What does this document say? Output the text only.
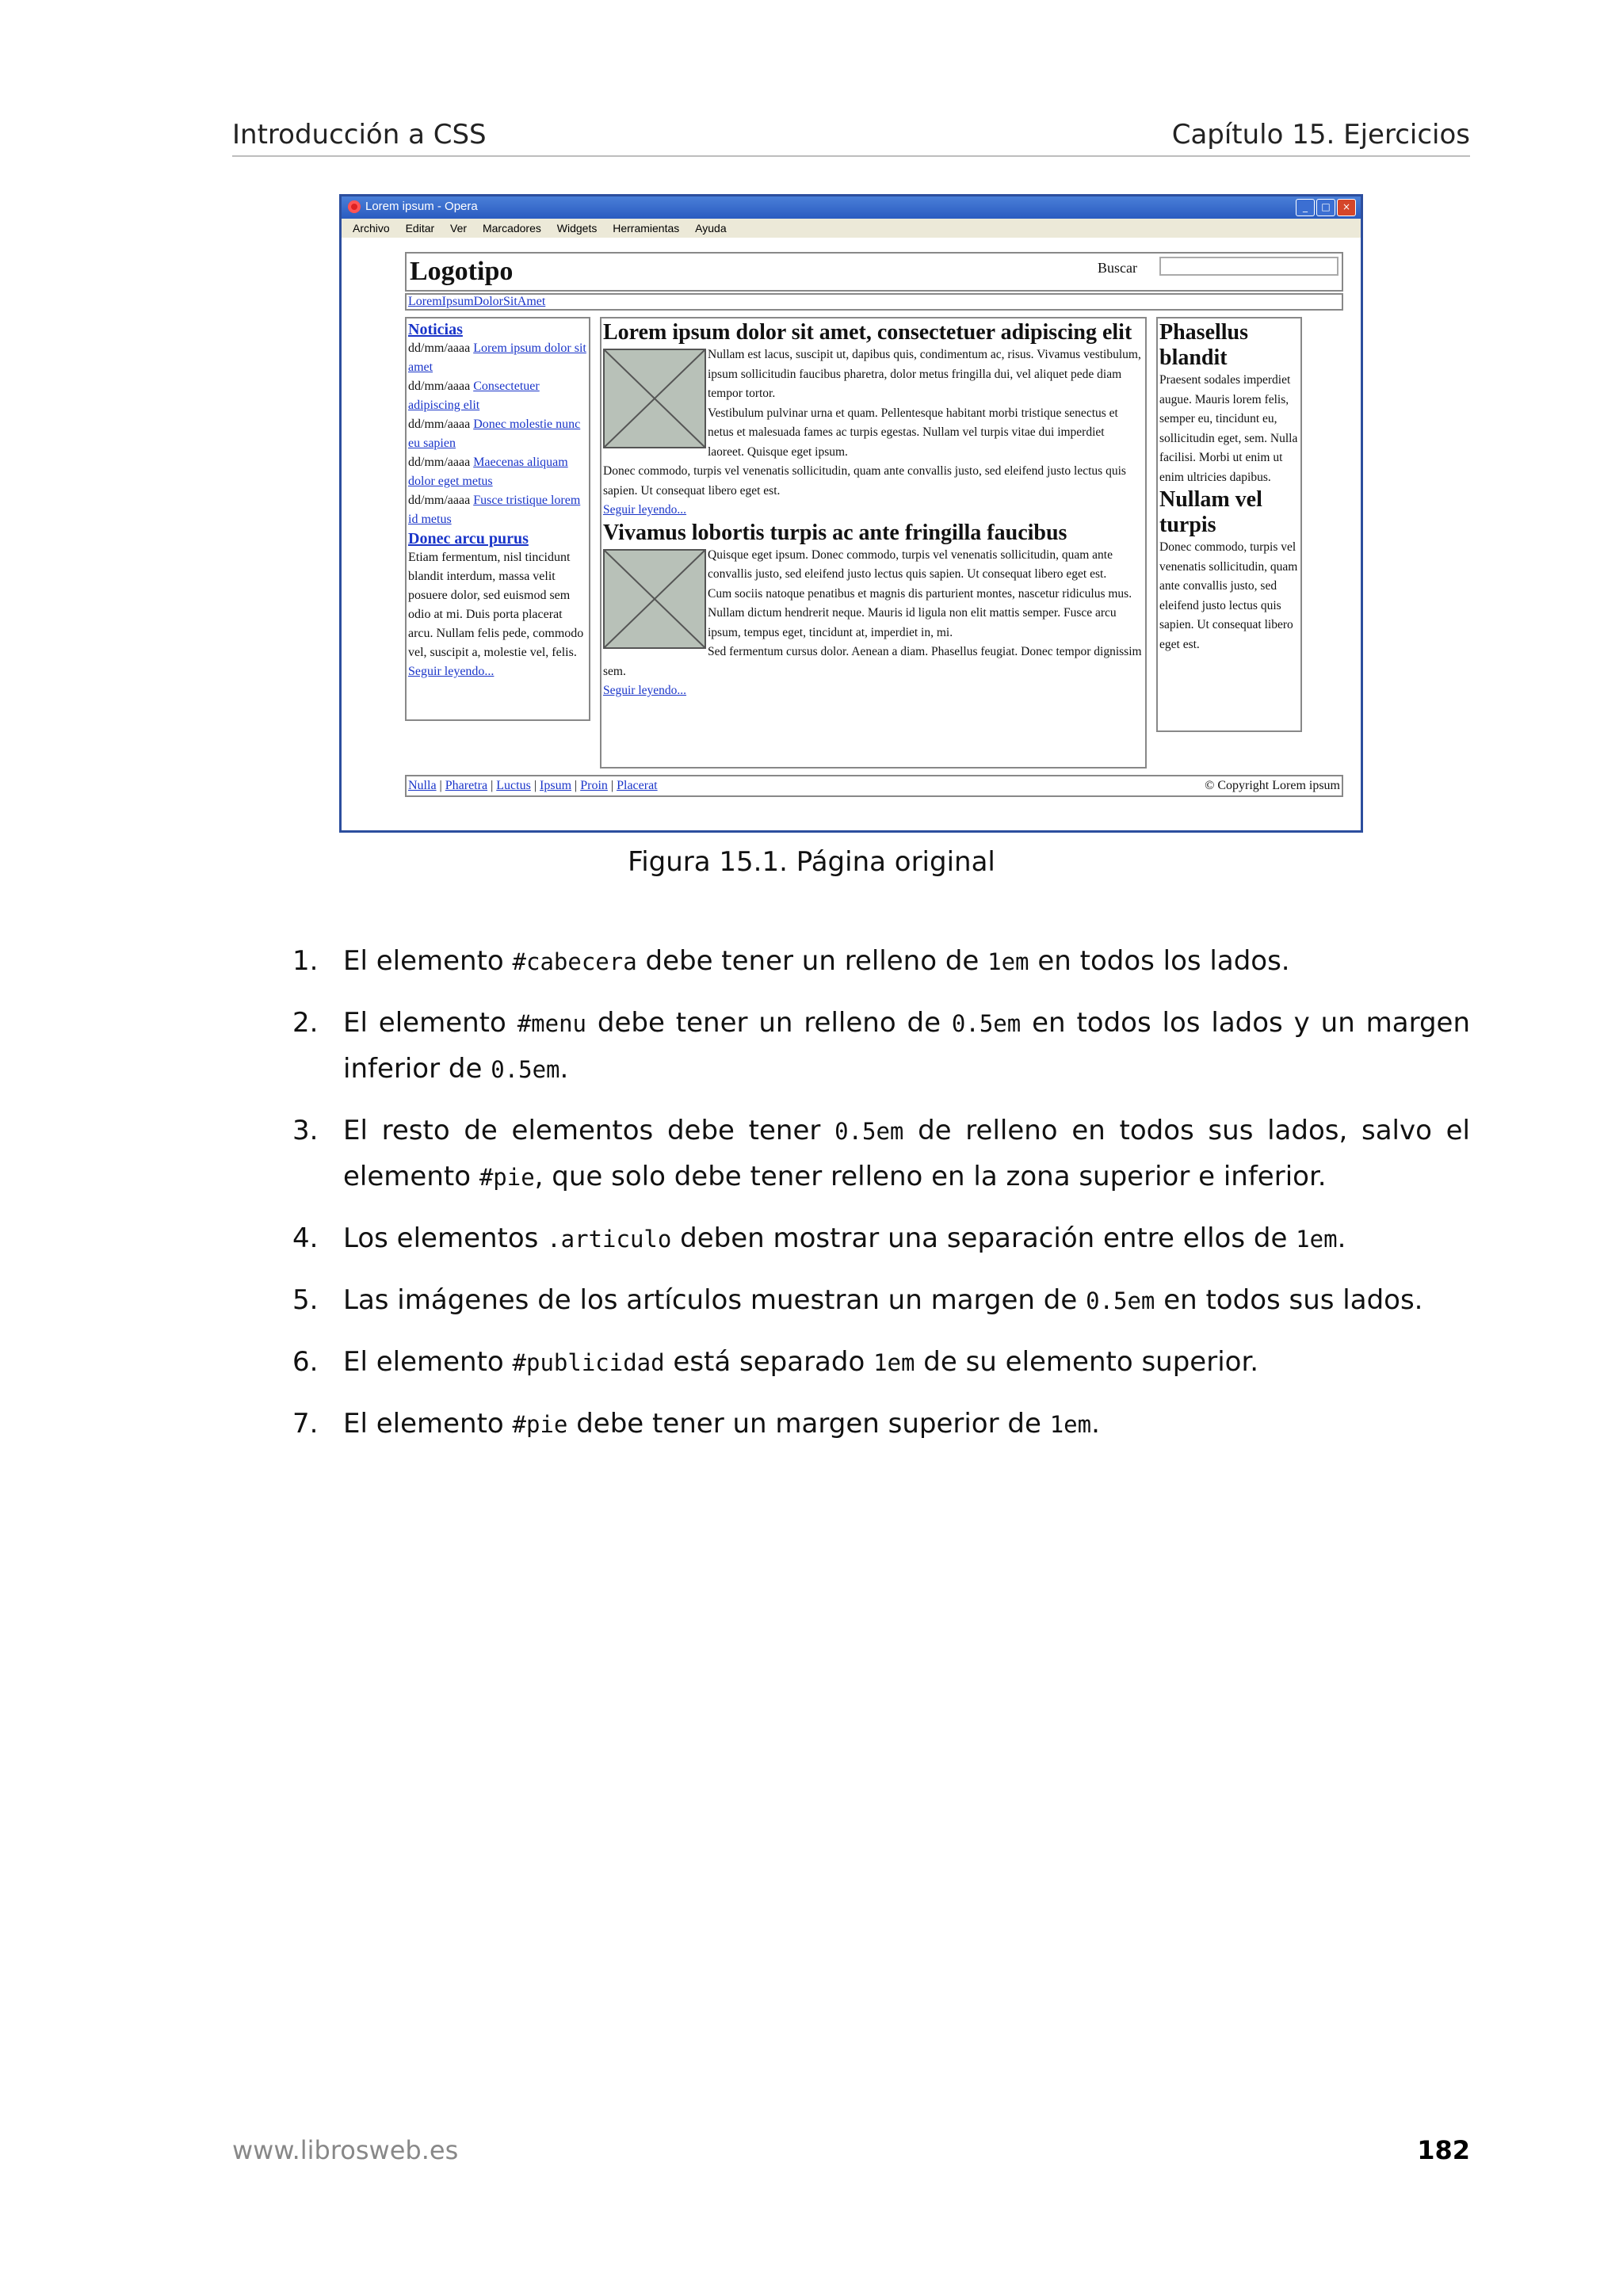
Introducción a CSS	Capítulo 15. Ejercicios
Lorem ipsum - Opera	_ □ ×
Archivo Editar Ver Marcadores Widgets Herramientas Ayuda
Logotipo	Buscar
LoremIpsumDolorSitAmet
Noticias

dd/mm/aaaa Lorem ipsum dolor sit amet

dd/mm/aaaa Consectetuer adipiscing elit

dd/mm/aaaa Donec molestie nunc eu sapien

dd/mm/aaaa Maecenas aliquam dolor eget metus

dd/mm/aaaa Fusce tristique lorem id metus

Donec arcu purus

Etiam fermentum, nisl tincidunt blandit interdum, massa velit posuere dolor, sed euismod sem odio at mi. Duis porta placerat arcu. Nullam felis pede, commodo vel, suscipit a, molestie vel, felis.

Seguir leyendo...
Lorem ipsum dolor sit amet, consectetuer adipiscing elit

Nullam est lacus, suscipit ut, dapibus quis, condimentum ac, risus. Vivamus vestibulum, ipsum sollicitudin faucibus pharetra, dolor metus fringilla dui, vel aliquet pede diam tempor tortor.

Vestibulum pulvinar urna et quam. Pellentesque habitant morbi tristique senectus et netus et malesuada fames ac turpis egestas. Nullam vel turpis vitae dui imperdiet laoreet. Quisque eget ipsum.

Donec commodo, turpis vel venenatis sollicitudin, quam ante convallis justo, sed eleifend justo lectus quis sapien. Ut consequat libero eget est.

Seguir leyendo...
Vivamus lobortis turpis ac ante fringilla faucibus

Quisque eget ipsum. Donec commodo, turpis vel venenatis sollicitudin, quam ante convallis justo, sed eleifend justo lectus quis sapien. Ut consequat libero eget est.

Cum sociis natoque penatibus et magnis dis parturient montes, nascetur ridiculus mus. Nullam dictum hendrerit neque. Mauris id ligula non elit mattis semper. Fusce arcu ipsum, tempus eget, tincidunt at, imperdiet in, mi.

Sed fermentum cursus dolor. Aenean a diam. Phasellus feugiat. Donec tempor dignissim sem.

Seguir leyendo...
Phasellus blandit

Praesent sodales imperdiet augue. Mauris lorem felis, semper eu, tincidunt eu, sollicitudin eget, sem. Nulla facilisi. Morbi ut enim ut enim ultricies dapibus.

Nullam vel turpis

Donec commodo, turpis vel venenatis sollicitudin, quam ante convallis justo, sed eleifend justo lectus quis sapien. Ut consequat libero eget est.

Nulla | Pharetra | Luctus | Ipsum | Proin | Placerat	© Copyright Lorem ipsum
Figura 15.1. Página original
1. El elemento #cabecera debe tener un relleno de 1em en todos los lados.
2. El elemento #menu debe tener un relleno de 0.5em en todos los lados y un margen inferior de 0.5em.
3. El resto de elementos debe tener 0.5em de relleno en todos sus lados, salvo el elemento #pie, que solo debe tener relleno en la zona superior e inferior.
4. Los elementos .articulo deben mostrar una separación entre ellos de 1em.
5. Las imágenes de los artículos muestran un margen de 0.5em en todos sus lados.
6. El elemento #publicidad está separado 1em de su elemento superior.
7. El elemento #pie debe tener un margen superior de 1em.
www.librosweb.es	182
